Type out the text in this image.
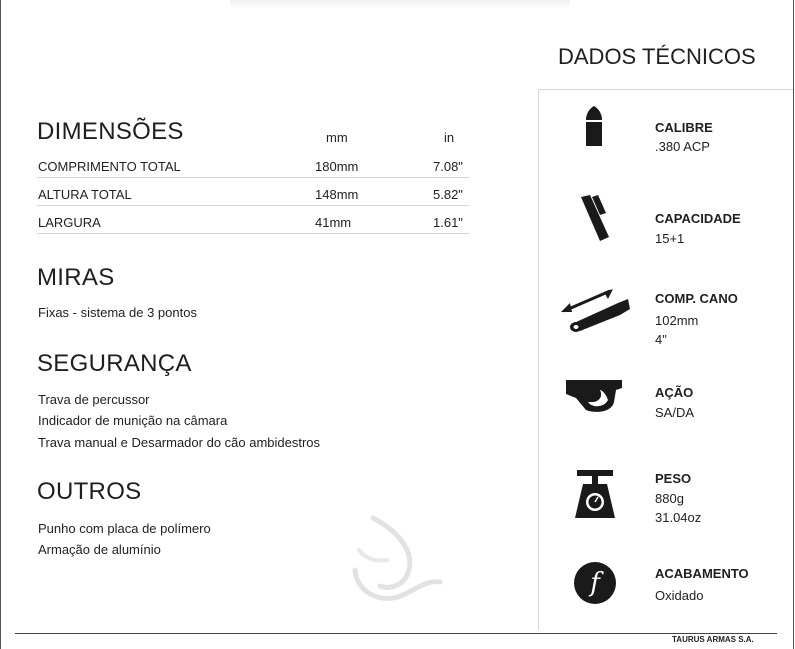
DIMENSÕES	mm	in
COMPRIMENTO TOTAL	180mm	7.08"
ALTURA TOTAL	148mm	5.82"
LARGURA	41mm	1.61"
MIRAS
Fixas - sistema de 3 pontos
SEGURANÇA
Trava de percussor
Indicador de munição na câmara
Trava manual e Desarmador do cão ambidestros
OUTROS
Punho com placa de polímero
Armação de alumínio
DADOS TÉCNICOS
CALIBRE
.380 ACP
CAPACIDADE
15+1
COMP. CANO
102mm
4"
AÇÃO
SA/DA
PESO
880g
31.04oz
f	ACABAMENTO
Oxidado
TAURUS ARMAS S.A.
